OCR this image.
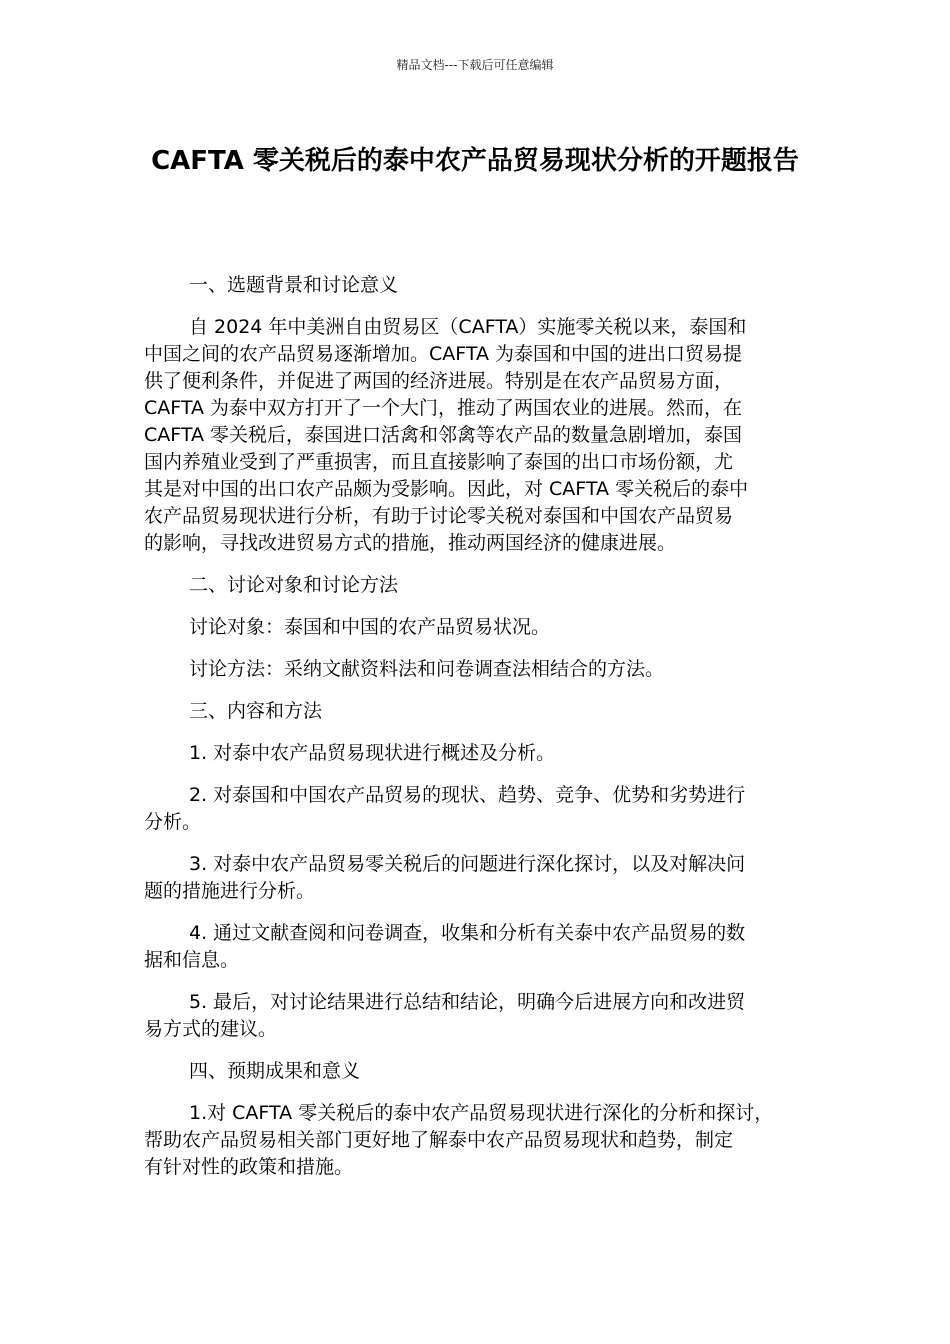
精品文档---下载后可任意编辑
CAFTA 零关税后的泰中农产品贸易现状分析的开题报告

一、选题背景和讨论意义

自 2024 年中美洲自由贸易区（CAFTA）实施零关税以来，泰国和
中国之间的农产品贸易逐渐增加。CAFTA 为泰国和中国的进出口贸易提
供了便利条件，并促进了两国的经济进展。特别是在农产品贸易方面，
CAFTA 为泰中双方打开了一个大门，推动了两国农业的进展。然而，在
CAFTA 零关税后，泰国进口活禽和邻禽等农产品的数量急剧增加，泰国
国内养殖业受到了严重损害，而且直接影响了泰国的出口市场份额，尤
其是对中国的出口农产品颇为受影响。因此，对 CAFTA 零关税后的泰中
农产品贸易现状进行分析，有助于讨论零关税对泰国和中国农产品贸易
的影响，寻找改进贸易方式的措施，推动两国经济的健康进展。

二、讨论对象和讨论方法

讨论对象：泰国和中国的农产品贸易状况。

讨论方法：采纳文献资料法和问卷调查法相结合的方法。

三、内容和方法

1. 对泰中农产品贸易现状进行概述及分析。

2. 对泰国和中国农产品贸易的现状、趋势、竞争、优势和劣势进行
分析。

3. 对泰中农产品贸易零关税后的问题进行深化探讨，以及对解决问
题的措施进行分析。

4. 通过文献查阅和问卷调查，收集和分析有关泰中农产品贸易的数
据和信息。

5. 最后，对讨论结果进行总结和结论，明确今后进展方向和改进贸
易方式的建议。

四、预期成果和意义

1.对 CAFTA 零关税后的泰中农产品贸易现状进行深化的分析和探讨，
帮助农产品贸易相关部门更好地了解泰中农产品贸易现状和趋势，制定
有针对性的政策和措施。
